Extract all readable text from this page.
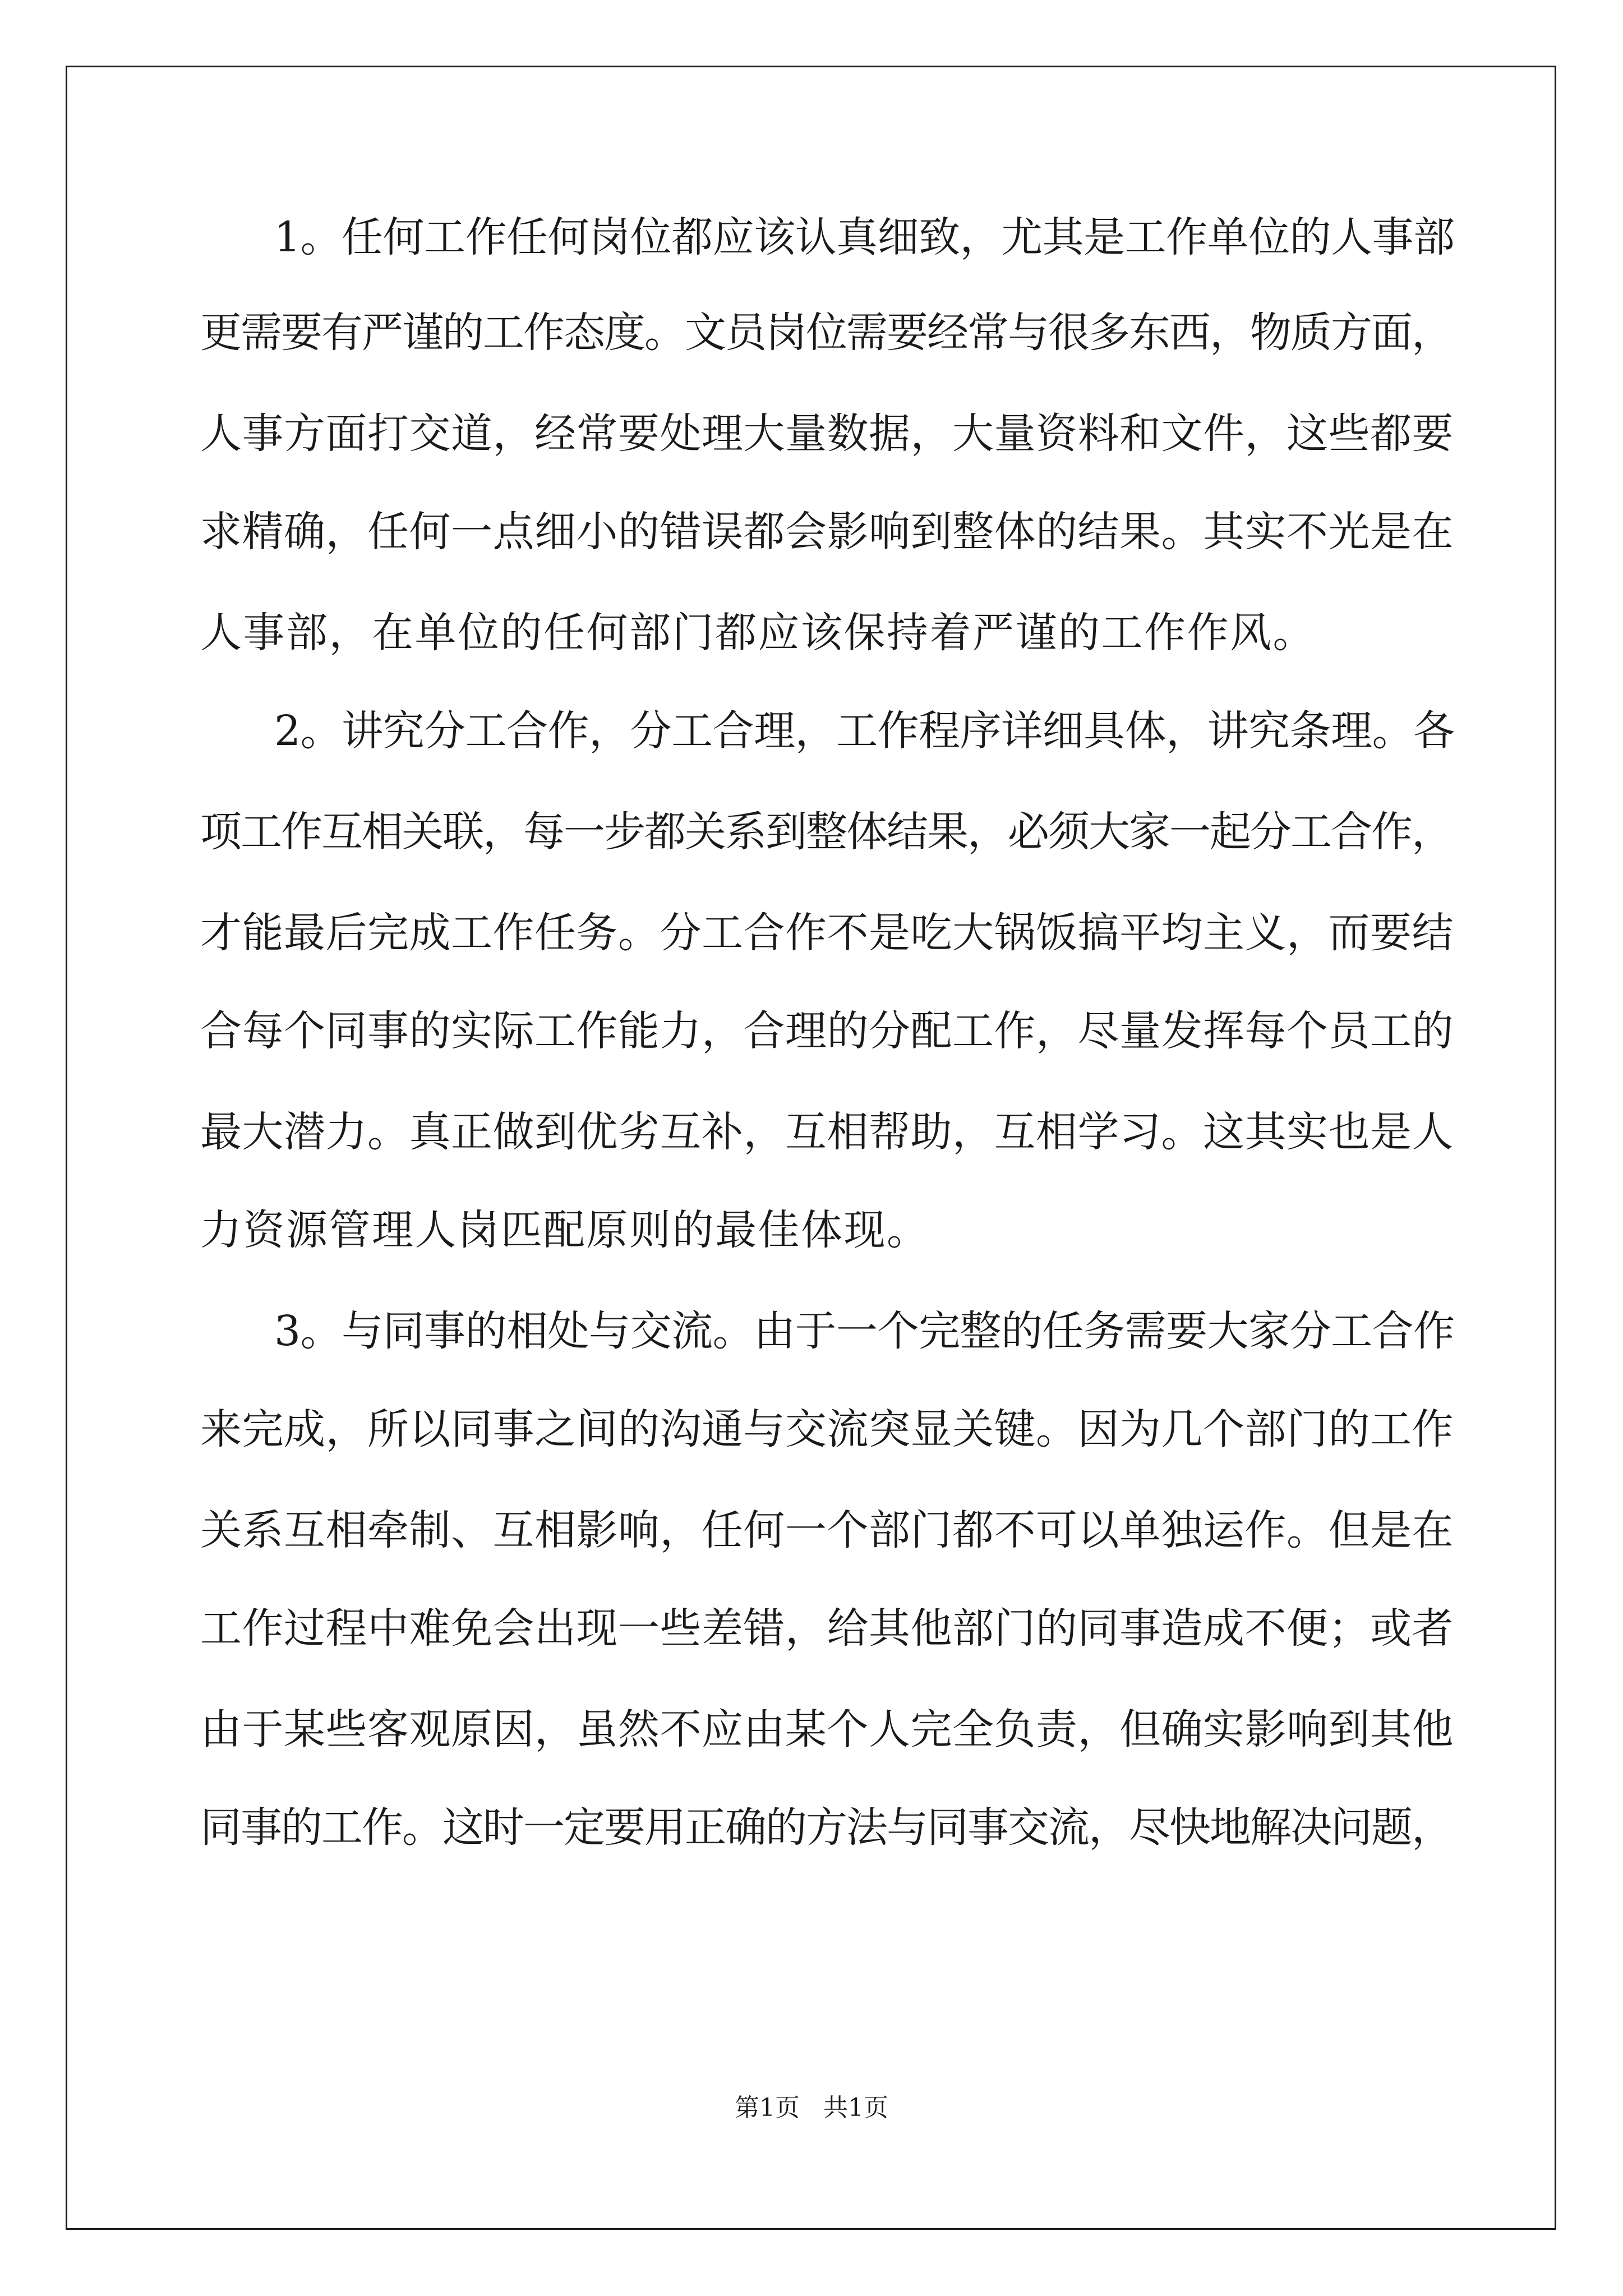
1。任何工作任何岗位都应该认真细致，尤其是工作单位的人事部

更需要有严谨的工作态度。文员岗位需要经常与很多东西，物质方面，

人事方面打交道，经常要处理大量数据，大量资料和文件，这些都要

求精确，任何一点细小的错误都会影响到整体的结果。其实不光是在

人事部，在单位的任何部门都应该保持着严谨的工作作风。

2。讲究分工合作，分工合理，工作程序详细具体，讲究条理。各

项工作互相关联，每一步都关系到整体结果，必须大家一起分工合作，

才能最后完成工作任务。分工合作不是吃大锅饭搞平均主义，而要结

合每个同事的实际工作能力，合理的分配工作，尽量发挥每个员工的

最大潜力。真正做到优劣互补，互相帮助，互相学习。这其实也是人

力资源管理人岗匹配原则的最佳体现。

3。与同事的相处与交流。由于一个完整的任务需要大家分工合作

来完成，所以同事之间的沟通与交流突显关键。因为几个部门的工作

关系互相牵制、互相影响，任何一个部门都不可以单独运作。但是在

工作过程中难免会出现一些差错，给其他部门的同事造成不便；或者

由于某些客观原因，虽然不应由某个人完全负责，但确实影响到其他

同事的工作。这时一定要用正确的方法与同事交流，尽快地解决问题，

第1页   共1页
